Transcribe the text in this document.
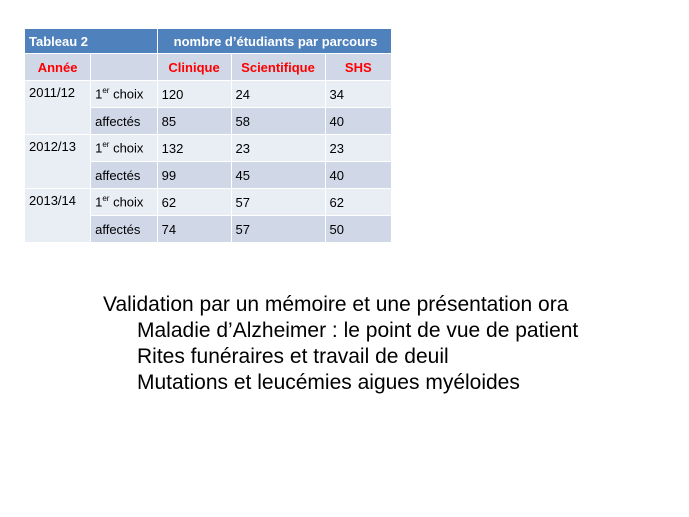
Tableau 2		nombre d’étudiants par parcours		
Année		Clinique	Scientifique	SHS
2011/12	1er choix	120	24	34
	affectés	85	58	40
2012/13	1er choix	132	23	23
	affectés	99	45	40
2013/14	1er choix	62	57	62
	affectés	74	57	50
Validation par un mémoire et une présentation ora
Maladie d’Alzheimer : le point de vue de patient
Rites funéraires et travail de deuil
Mutations et leucémies aigues myéloides
